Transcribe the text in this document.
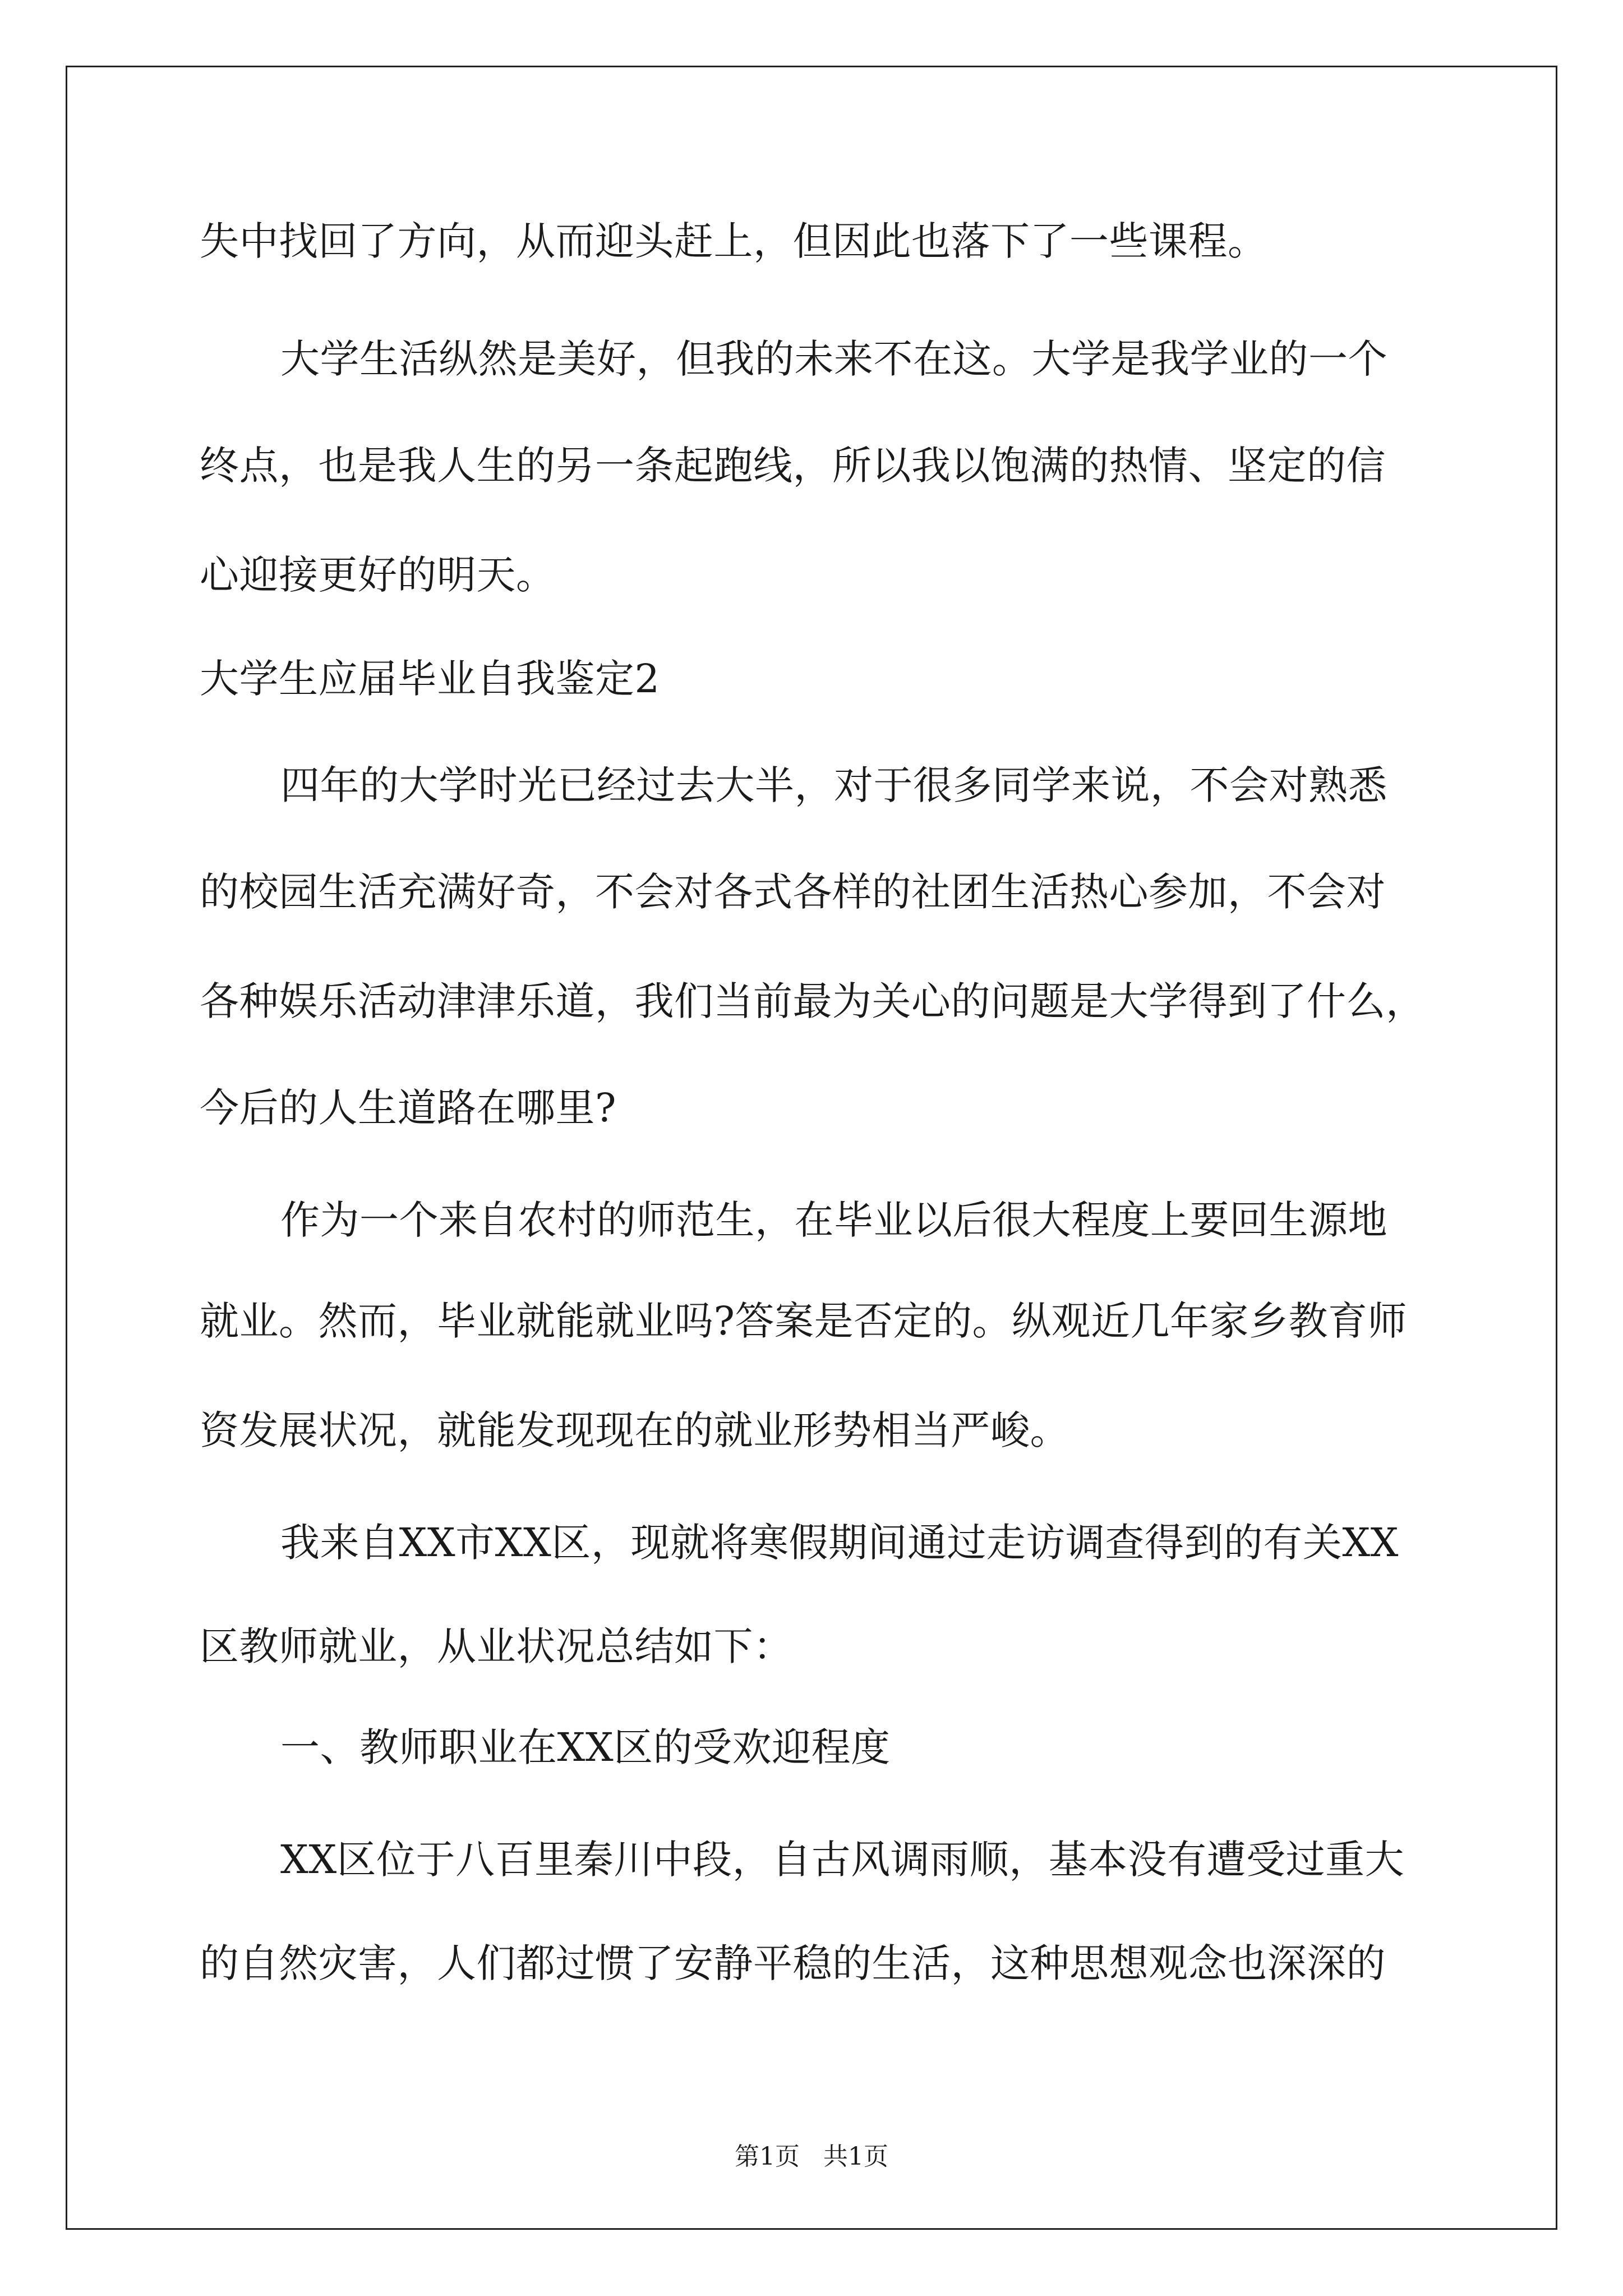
失中找回了方向，从而迎头赶上，但因此也落下了一些课程。

大学生活纵然是美好，但我的未来不在这。大学是我学业的一个

终点，也是我人生的另一条起跑线，所以我以饱满的热情、坚定的信

心迎接更好的明天。

大学生应届毕业自我鉴定2

四年的大学时光已经过去大半，对于很多同学来说，不会对熟悉

的校园生活充满好奇，不会对各式各样的社团生活热心参加，不会对

各种娱乐活动津津乐道，我们当前最为关心的问题是大学得到了什么，

今后的人生道路在哪里?

作为一个来自农村的师范生，在毕业以后很大程度上要回生源地

就业。然而，毕业就能就业吗?答案是否定的。纵观近几年家乡教育师

资发展状况，就能发现现在的就业形势相当严峻。

我来自XX市XX区，现就将寒假期间通过走访调查得到的有关XX

区教师就业，从业状况总结如下：

一、教师职业在XX区的受欢迎程度

XX区位于八百里秦川中段，自古风调雨顺，基本没有遭受过重大

的自然灾害，人们都过惯了安静平稳的生活，这种思想观念也深深的

第1页 共1页
